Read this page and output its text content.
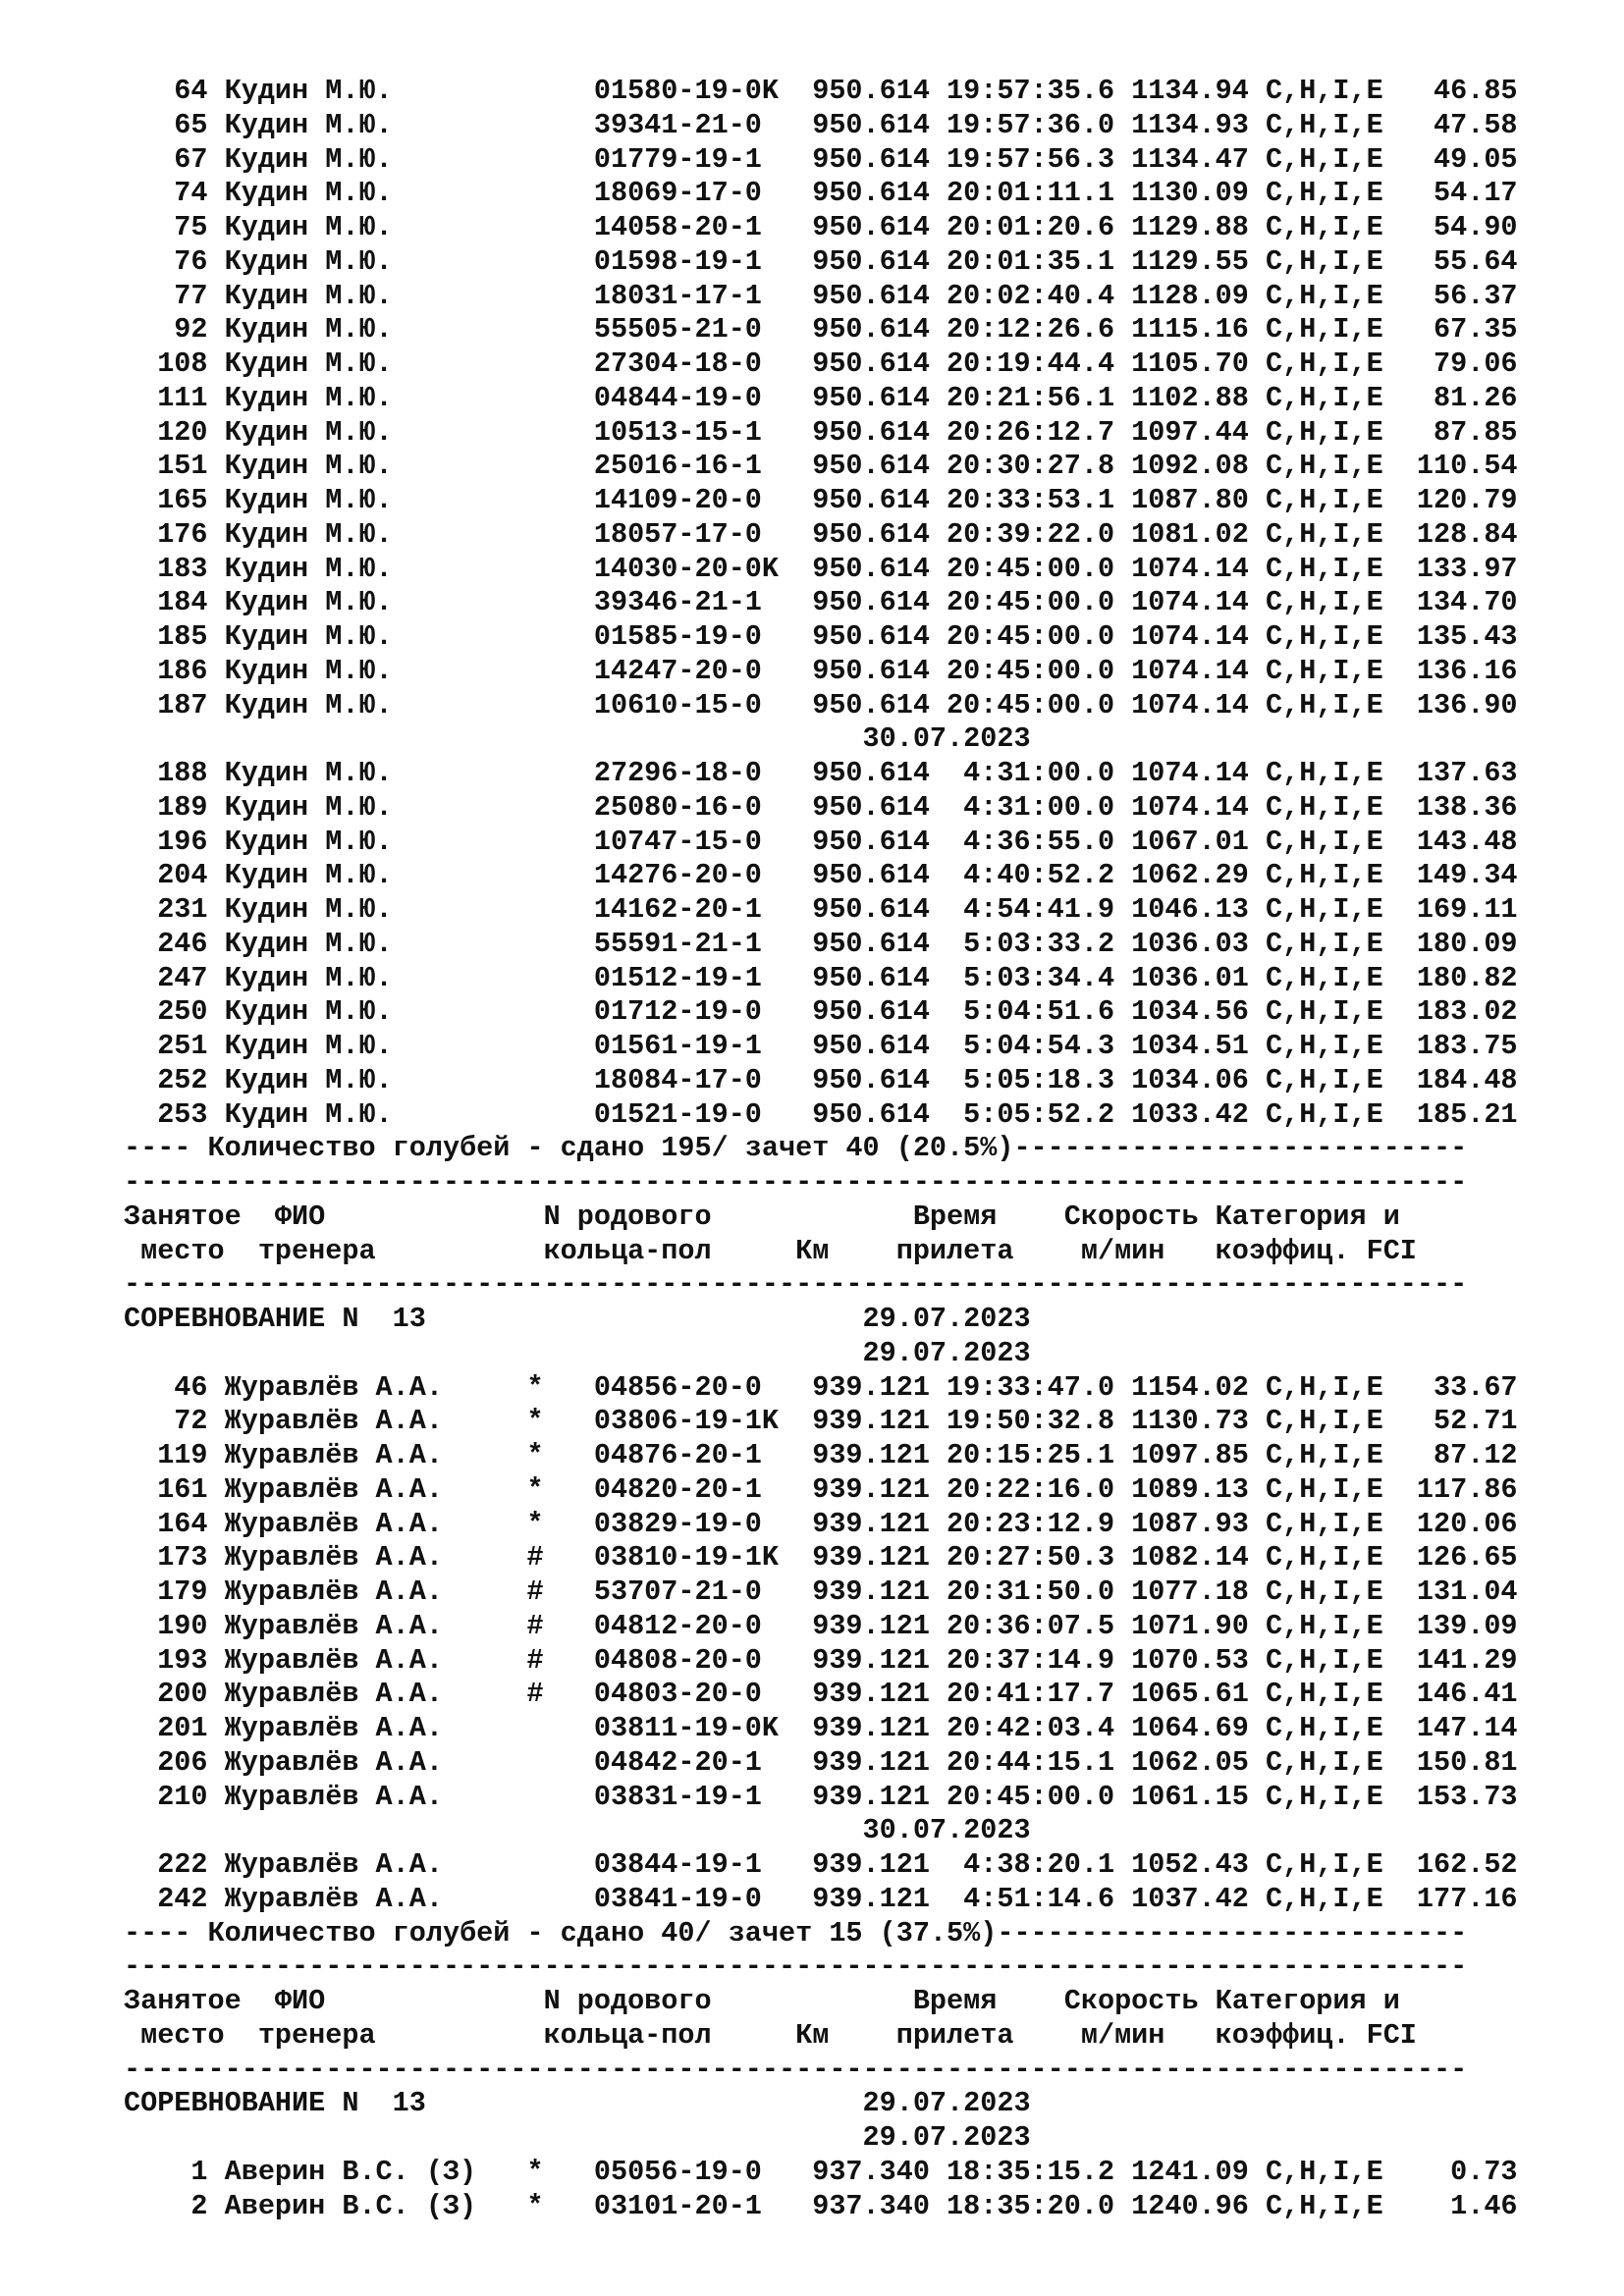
64 Кудин М.Ю.            01580-19-0K  950.614 19:57:35.6 1134.94 C,H,I,E   46.85
65 Кудин М.Ю.            39341-21-0   950.614 19:57:36.0 1134.93 C,H,I,E   47.58
67 Кудин М.Ю.            01779-19-1   950.614 19:57:56.3 1134.47 C,H,I,E   49.05
74 Кудин М.Ю.            18069-17-0   950.614 20:01:11.1 1130.09 C,H,I,E   54.17
75 Кудин М.Ю.            14058-20-1   950.614 20:01:20.6 1129.88 C,H,I,E   54.90
76 Кудин М.Ю.            01598-19-1   950.614 20:01:35.1 1129.55 C,H,I,E   55.64
77 Кудин М.Ю.            18031-17-1   950.614 20:02:40.4 1128.09 C,H,I,E   56.37
92 Кудин М.Ю.            55505-21-0   950.614 20:12:26.6 1115.16 C,H,I,E   67.35
108 Кудин М.Ю.            27304-18-0   950.614 20:19:44.4 1105.70 C,H,I,E   79.06
111 Кудин М.Ю.            04844-19-0   950.614 20:21:56.1 1102.88 C,H,I,E   81.26
120 Кудин М.Ю.            10513-15-1   950.614 20:26:12.7 1097.44 C,H,I,E   87.85
151 Кудин М.Ю.            25016-16-1   950.614 20:30:27.8 1092.08 C,H,I,E  110.54
165 Кудин М.Ю.            14109-20-0   950.614 20:33:53.1 1087.80 C,H,I,E  120.79
176 Кудин М.Ю.            18057-17-0   950.614 20:39:22.0 1081.02 C,H,I,E  128.84
183 Кудин М.Ю.            14030-20-0K  950.614 20:45:00.0 1074.14 C,H,I,E  133.97
184 Кудин М.Ю.            39346-21-1   950.614 20:45:00.0 1074.14 C,H,I,E  134.70
185 Кудин М.Ю.            01585-19-0   950.614 20:45:00.0 1074.14 C,H,I,E  135.43
186 Кудин М.Ю.            14247-20-0   950.614 20:45:00.0 1074.14 C,H,I,E  136.16
187 Кудин М.Ю.            10610-15-0   950.614 20:45:00.0 1074.14 C,H,I,E  136.90
30.07.2023
188 Кудин М.Ю.            27296-18-0   950.614  4:31:00.0 1074.14 C,H,I,E  137.63
189 Кудин М.Ю.            25080-16-0   950.614  4:31:00.0 1074.14 C,H,I,E  138.36
196 Кудин М.Ю.            10747-15-0   950.614  4:36:55.0 1067.01 C,H,I,E  143.48
204 Кудин М.Ю.            14276-20-0   950.614  4:40:52.2 1062.29 C,H,I,E  149.34
231 Кудин М.Ю.            14162-20-1   950.614  4:54:41.9 1046.13 C,H,I,E  169.11
246 Кудин М.Ю.            55591-21-1   950.614  5:03:33.2 1036.03 C,H,I,E  180.09
247 Кудин М.Ю.            01512-19-1   950.614  5:03:34.4 1036.01 C,H,I,E  180.82
250 Кудин М.Ю.            01712-19-0   950.614  5:04:51.6 1034.56 C,H,I,E  183.02
251 Кудин М.Ю.            01561-19-1   950.614  5:04:54.3 1034.51 C,H,I,E  183.75
252 Кудин М.Ю.            18084-17-0   950.614  5:05:18.3 1034.06 C,H,I,E  184.48
253 Кудин М.Ю.            01521-19-0   950.614  5:05:52.2 1033.42 C,H,I,E  185.21
---- Количество голубей - сдано 195/ зачет 40 (20.5%)---------------------------
--------------------------------------------------------------------------------
Занятое  ФИО             N родового            Время    Скорость Категория и
место  тренера          кольца-пол     Км    прилета    м/мин   коэффиц. FCI
--------------------------------------------------------------------------------
СОРЕВНОВАНИЕ N  13                          29.07.2023
29.07.2023
46 Журавлёв А.А.     *   04856-20-0   939.121 19:33:47.0 1154.02 C,H,I,E   33.67
72 Журавлёв А.А.     *   03806-19-1K  939.121 19:50:32.8 1130.73 C,H,I,E   52.71
119 Журавлёв А.А.     *   04876-20-1   939.121 20:15:25.1 1097.85 C,H,I,E   87.12
161 Журавлёв А.А.     *   04820-20-1   939.121 20:22:16.0 1089.13 C,H,I,E  117.86
164 Журавлёв А.А.     *   03829-19-0   939.121 20:23:12.9 1087.93 C,H,I,E  120.06
173 Журавлёв А.А.     #   03810-19-1K  939.121 20:27:50.3 1082.14 C,H,I,E  126.65
179 Журавлёв А.А.     #   53707-21-0   939.121 20:31:50.0 1077.18 C,H,I,E  131.04
190 Журавлёв А.А.     #   04812-20-0   939.121 20:36:07.5 1071.90 C,H,I,E  139.09
193 Журавлёв А.А.     #   04808-20-0   939.121 20:37:14.9 1070.53 C,H,I,E  141.29
200 Журавлёв А.А.     #   04803-20-0   939.121 20:41:17.7 1065.61 C,H,I,E  146.41
201 Журавлёв А.А.         03811-19-0K  939.121 20:42:03.4 1064.69 C,H,I,E  147.14
206 Журавлёв А.А.         04842-20-1   939.121 20:44:15.1 1062.05 C,H,I,E  150.81
210 Журавлёв А.А.         03831-19-1   939.121 20:45:00.0 1061.15 C,H,I,E  153.73
30.07.2023
222 Журавлёв А.А.         03844-19-1   939.121  4:38:20.1 1052.43 C,H,I,E  162.52
242 Журавлёв А.А.         03841-19-0   939.121  4:51:14.6 1037.42 C,H,I,E  177.16
---- Количество голубей - сдано 40/ зачет 15 (37.5%)----------------------------
--------------------------------------------------------------------------------
Занятое  ФИО             N родового            Время    Скорость Категория и
место  тренера          кольца-пол     Км    прилета    м/мин   коэффиц. FCI
--------------------------------------------------------------------------------
СОРЕВНОВАНИЕ N  13                          29.07.2023
29.07.2023
1 Аверин В.С. (З)   *   05056-19-0   937.340 18:35:15.2 1241.09 C,H,I,E    0.73
2 Аверин В.С. (З)   *   03101-20-1   937.340 18:35:20.0 1240.96 C,H,I,E    1.46
